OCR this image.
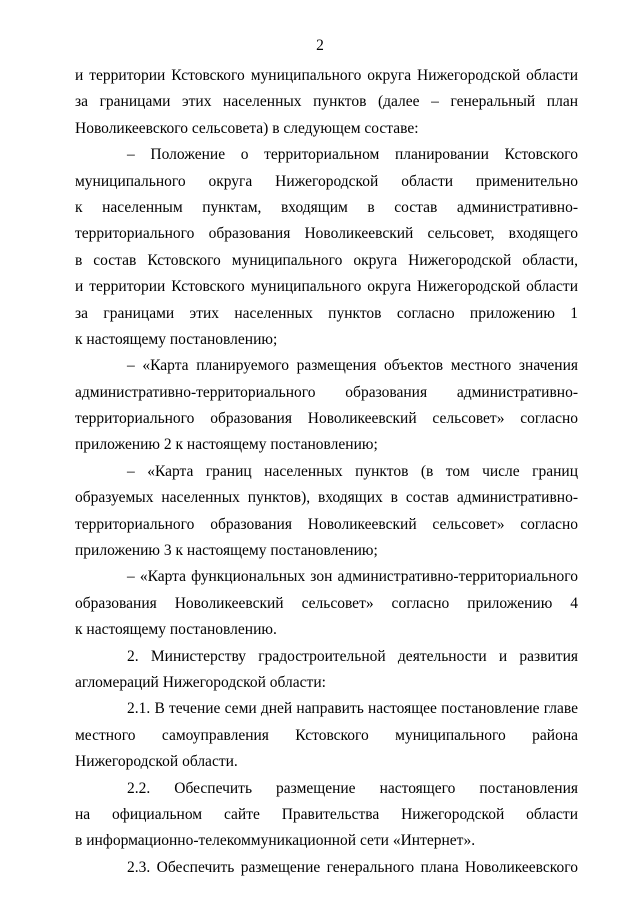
2

и территории Кстовского муниципального округа Нижегородской области
за границами этих населенных пунктов (далее – генеральный план
Новоликеевского сельсовета) в следующем составе:

– Положение о территориальном планировании Кстовского
муниципального округа Нижегородской области применительно
к населенным пунктам, входящим в состав административно-
территориального образования Новоликеевский сельсовет, входящего
в состав Кстовского муниципального округа Нижегородской области,
и территории Кстовского муниципального округа Нижегородской области
за границами этих населенных пунктов согласно приложению 1
к настоящему постановлению;

– «Карта планируемого размещения объектов местного значения
административно-территориального образования административно-
территориального образования Новоликеевский сельсовет» согласно
приложению 2 к настоящему постановлению;

– «Карта границ населенных пунктов (в том числе границ
образуемых населенных пунктов), входящих в состав административно-
территориального образования Новоликеевский сельсовет» согласно
приложению 3 к настоящему постановлению;

– «Карта функциональных зон административно-территориального
образования Новоликеевский сельсовет» согласно приложению 4
к настоящему постановлению.

2. Министерству градостроительной деятельности и развития
агломераций Нижегородской области:

2.1. В течение семи дней направить настоящее постановление главе
местного самоуправления Кстовского муниципального района
Нижегородской области.

2.2. Обеспечить размещение настоящего постановления
на официальном сайте Правительства Нижегородской области
в информационно-телекоммуникационной сети «Интернет».

2.3. Обеспечить размещение генерального плана Новоликеевского
